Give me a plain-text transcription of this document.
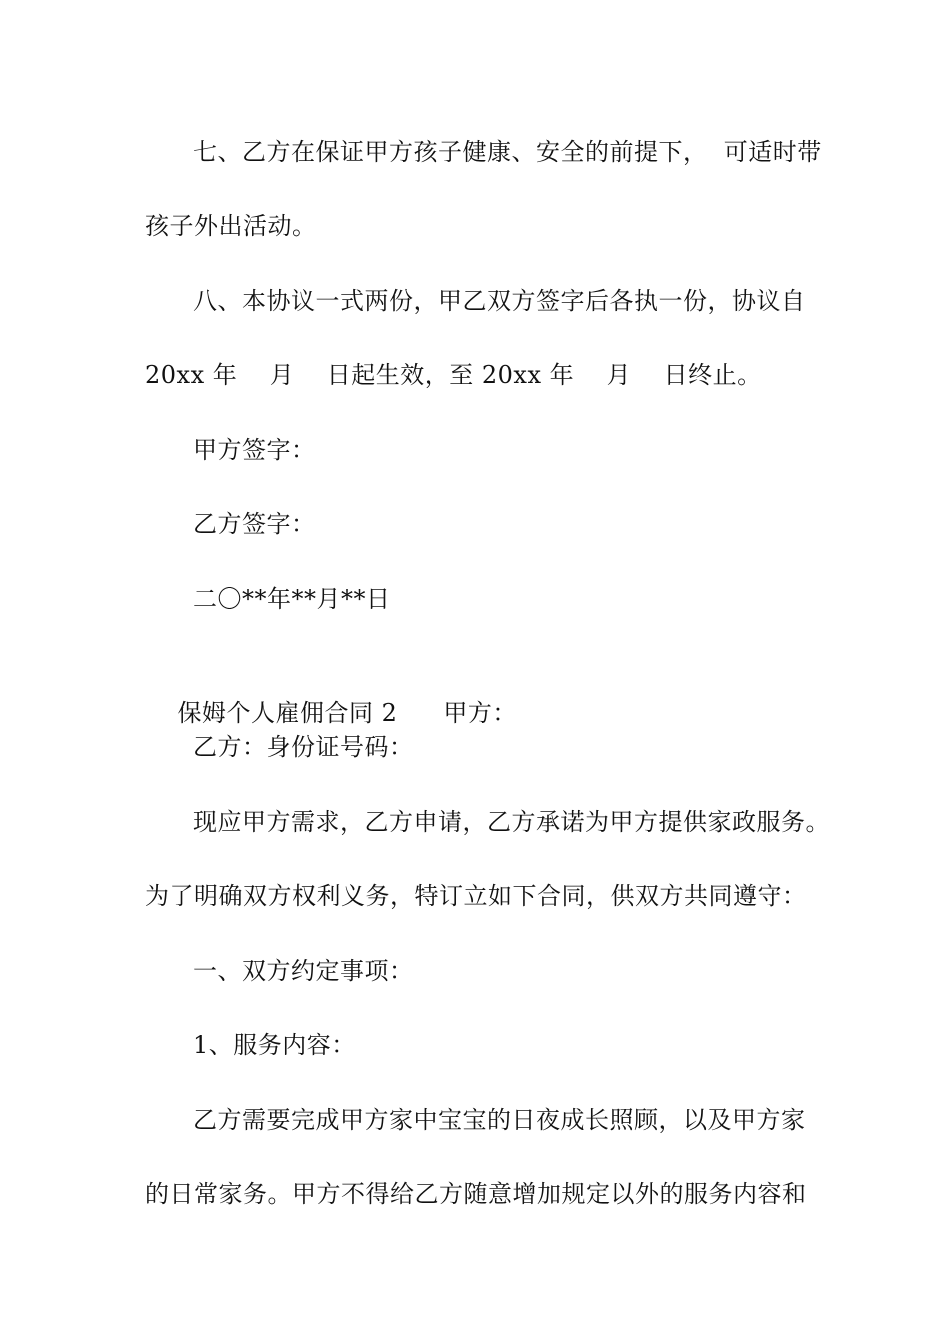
七、乙方在保证甲方孩子健康、安全的前提下，  可适时带
孩子外出活动。
八、本协议一式两份，甲乙双方签字后各执一份，协议自
20xx 年    月    日起生效，至 20xx 年    月    日终止。
甲方签字：
乙方签字：
二〇**年**月**日

保姆个人雇佣合同 2 甲方：

乙方：身份证号码：
现应甲方需求，乙方申请，乙方承诺为甲方提供家政服务。
为了明确双方权利义务，特订立如下合同，供双方共同遵守：
一、双方约定事项：
1、服务内容：
乙方需要完成甲方家中宝宝的日夜成长照顾，以及甲方家
的日常家务。甲方不得给乙方随意增加规定以外的服务内容和
